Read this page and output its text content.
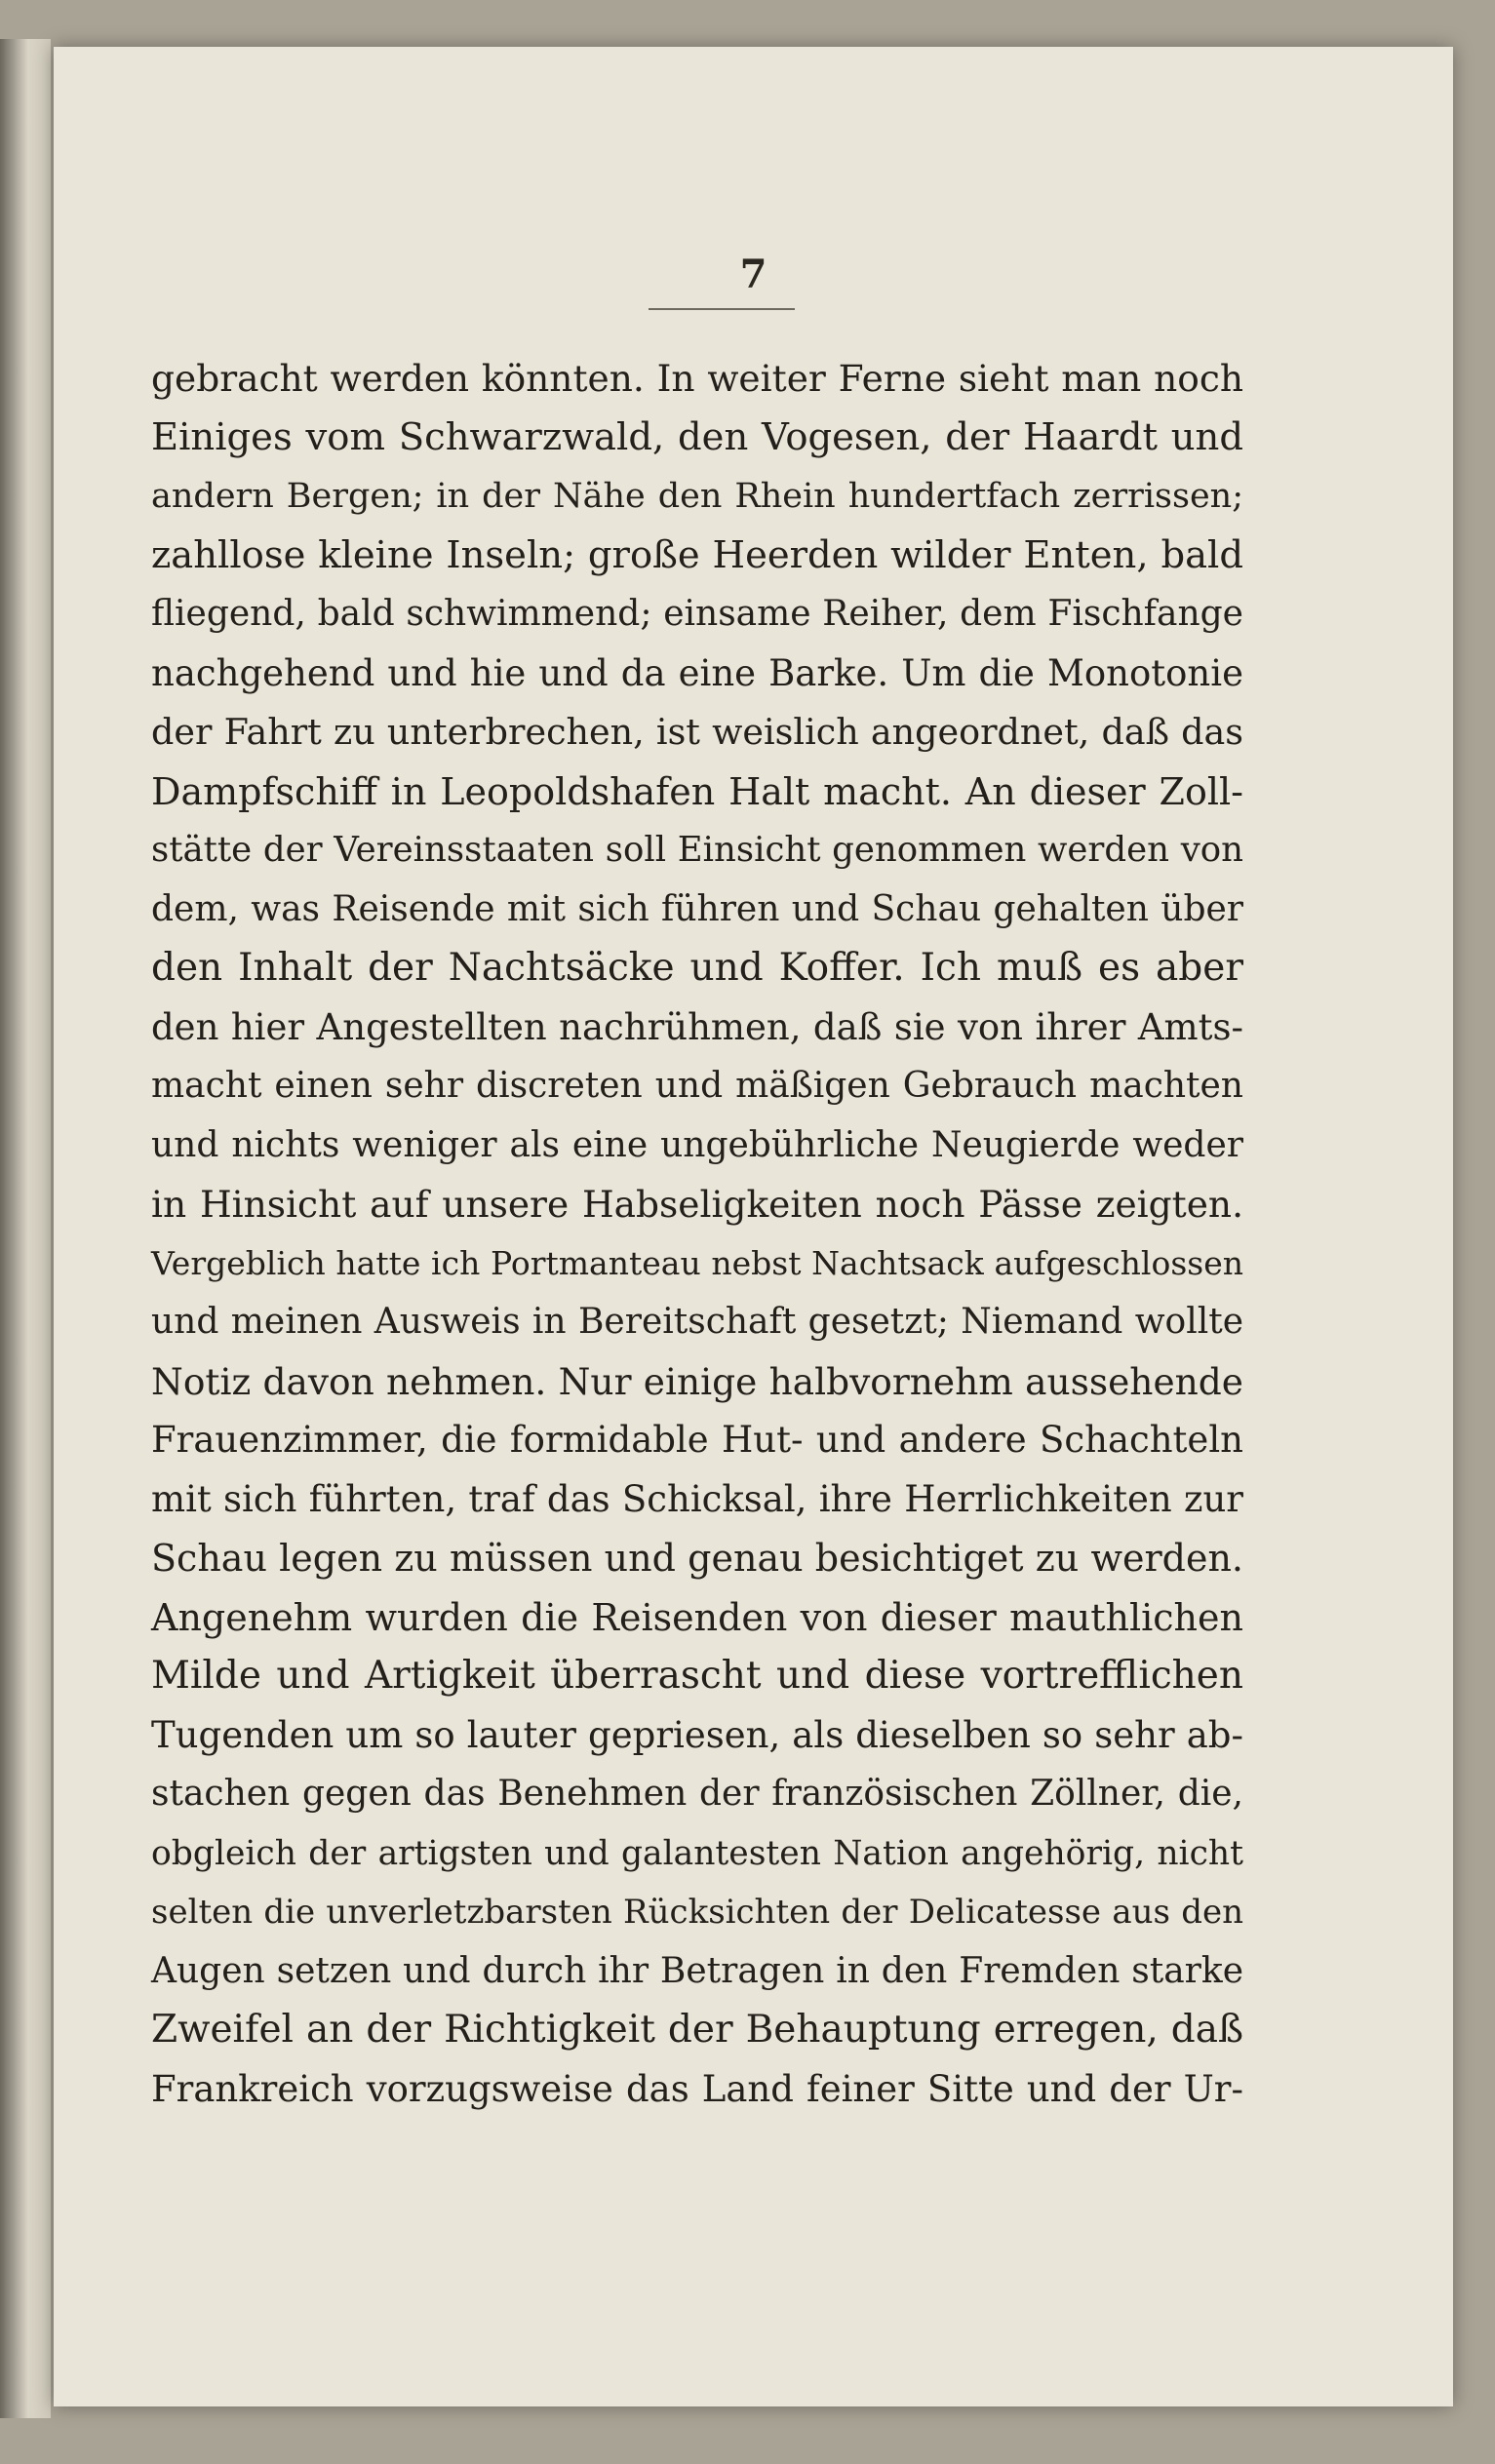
7
gebracht werden könnten. In weiter Ferne sieht man noch
Einiges vom Schwarzwald, den Vogesen, der Haardt und
andern Bergen; in der Nähe den Rhein hundertfach zerrissen;
zahllose kleine Inseln; große Heerden wilder Enten, bald
fliegend, bald schwimmend; einsame Reiher, dem Fischfange
nachgehend und hie und da eine Barke. Um die Monotonie
der Fahrt zu unterbrechen, ist weislich angeordnet, daß das
Dampfschiff in Leopoldshafen Halt macht. An dieser Zoll-
stätte der Vereinsstaaten soll Einsicht genommen werden von
dem, was Reisende mit sich führen und Schau gehalten über
den Inhalt der Nachtsäcke und Koffer. Ich muß es aber
den hier Angestellten nachrühmen, daß sie von ihrer Amts-
macht einen sehr discreten und mäßigen Gebrauch machten
und nichts weniger als eine ungebührliche Neugierde weder
in Hinsicht auf unsere Habseligkeiten noch Pässe zeigten.
Vergeblich hatte ich Portmanteau nebst Nachtsack aufgeschlossen
und meinen Ausweis in Bereitschaft gesetzt; Niemand wollte
Notiz davon nehmen. Nur einige halbvornehm aussehende
Frauenzimmer, die formidable Hut- und andere Schachteln
mit sich führten, traf das Schicksal, ihre Herrlichkeiten zur
Schau legen zu müssen und genau besichtiget zu werden.
Angenehm wurden die Reisenden von dieser mauthlichen
Milde und Artigkeit überrascht und diese vortrefflichen
Tugenden um so lauter gepriesen, als dieselben so sehr ab-
stachen gegen das Benehmen der französischen Zöllner, die,
obgleich der artigsten und galantesten Nation angehörig, nicht
selten die unverletzbarsten Rücksichten der Delicatesse aus den
Augen setzen und durch ihr Betragen in den Fremden starke
Zweifel an der Richtigkeit der Behauptung erregen, daß
Frankreich vorzugsweise das Land feiner Sitte und der Ur-
